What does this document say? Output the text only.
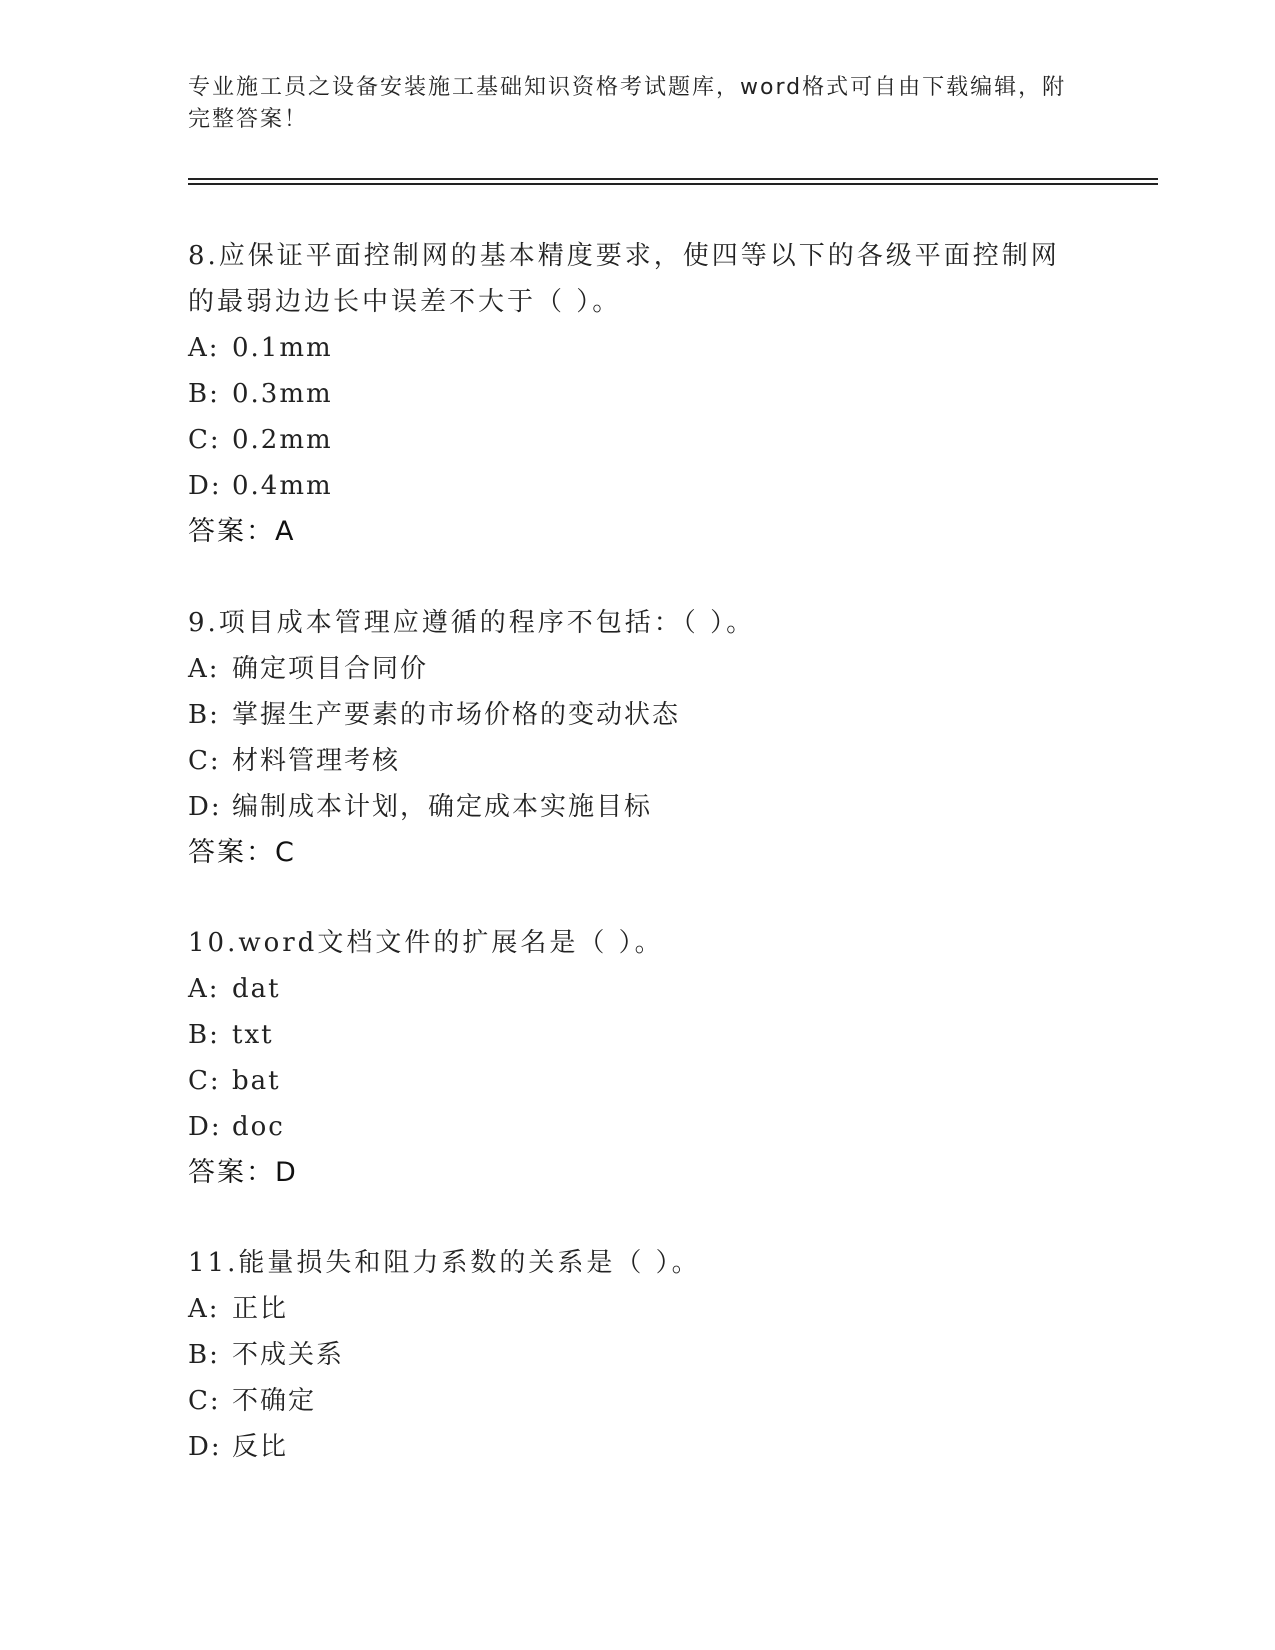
专业施工员之设备安装施工基础知识资格考试题库，word格式可自由下载编辑，附完整答案！

8.应保证平面控制网的基本精度要求，使四等以下的各级平面控制网的最弱边边长中误差不大于（ ）。

A: 0.1mm

B: 0.3mm

C: 0.2mm

D: 0.4mm

答案：A

9.项目成本管理应遵循的程序不包括：（ ）。

A: 确定项目合同价

B: 掌握生产要素的市场价格的变动状态

C: 材料管理考核

D: 编制成本计划，确定成本实施目标

答案：C

10.word文档文件的扩展名是（ ）。

A: dat

B: txt

C: bat

D: doc

答案：D

11.能量损失和阻力系数的关系是（ ）。

A: 正比

B: 不成关系

C: 不确定

D: 反比
